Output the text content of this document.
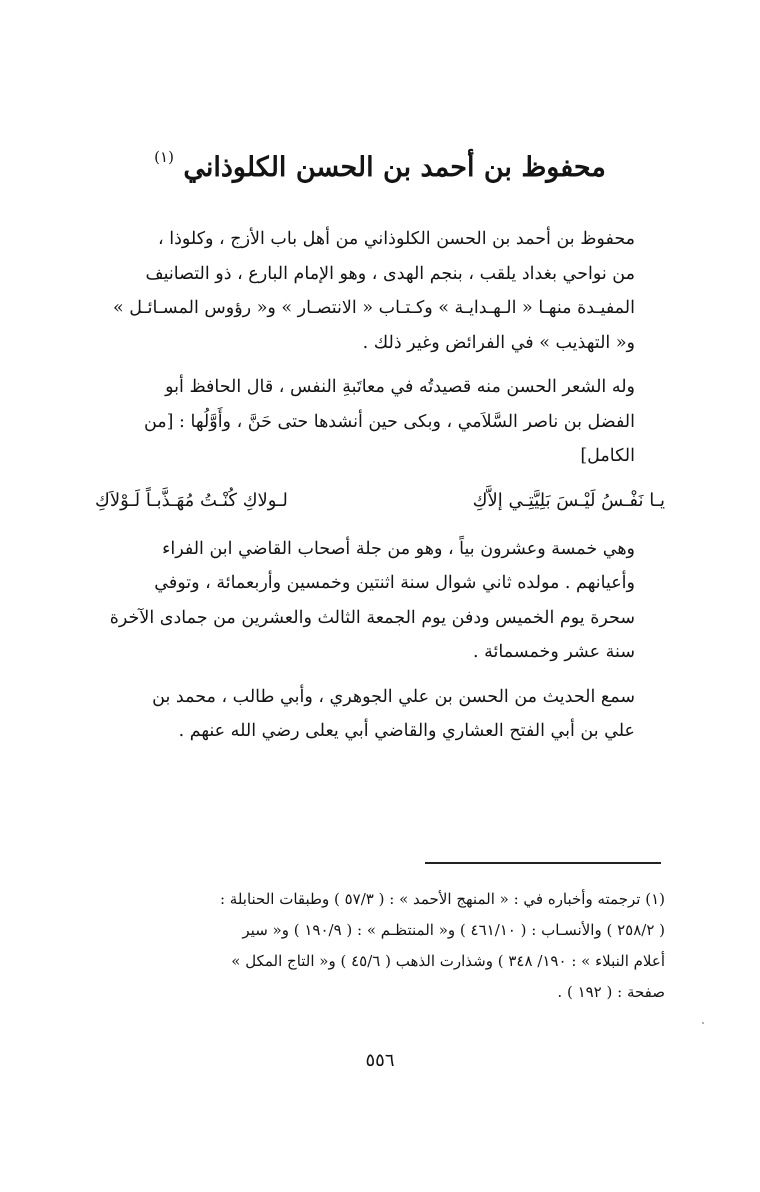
محفوظ بن أحمد بن الحسن الكلوذاني $^{(١)}$

محفوظ بن أحمد بن الحسن الكلوذاني من أهل باب الأزج ، وكلوذا ،
من نواحي بغداد يلقب ، بنجم الهدى ، وهو الإمام البارع ، ذو التصانيف
المفيـدة منهـا « الـهـدايـة » وكـتـاب « الانتصـار » و« رؤوس المسـائـل »
و« التهذيب » في الفرائض وغير ذلك .

وله الشعر الحسن منه قصيدتُه في معاتَبةِ النفس ، قال الحافظ أبو
الفضل بن ناصر السَّلاَمي ، وبكى حين أنشدها حتى حَنَّ ، وأَوَّلُها : [من
الكامل]

يـا نَفْـسُ لَيْـسَ بَلِيَّتِـي إلاَّكِ
لـولاكِ كُنْـتُ مُهَـذَّبـاً لَـوْلاَكِ

وهي خمسة وعشرون بياً ، وهو من جلة أصحاب القاضي ابن الفراء
وأعيانهم . مولده ثاني شوال سنة اثنتين وخمسين وأربعمائة ، وتوفي
سحرة يوم الخميس ودفن يوم الجمعة الثالث والعشرين من جمادى الآخرة
سنة عشر وخمسمائة .

سمع الحديث من الحسن بن علي الجوهري ، وأبي طالب ، محمد بن
علي بن أبي الفتح العشاري والقاضي أبي يعلى رضي الله عنهم .

(١) ترجمته وأخباره في : « المنهج الأحمد » : ( ٥٧/٣ ) وطبقات الحنابلة :
( ٢٥٨/٢ ) والأنسـاب : ( ٤٦١/١٠ ) و« المنتظـم » : ( ١٩٠/٩ ) و« سير
أعلام النبلاء » : ١٩٠/ ٣٤٨ ) وشذارت الذهب ( ٤٥/٦ ) و« التاج المكل »
صفحة : ( ١٩٢ ) .
٥٥٦
